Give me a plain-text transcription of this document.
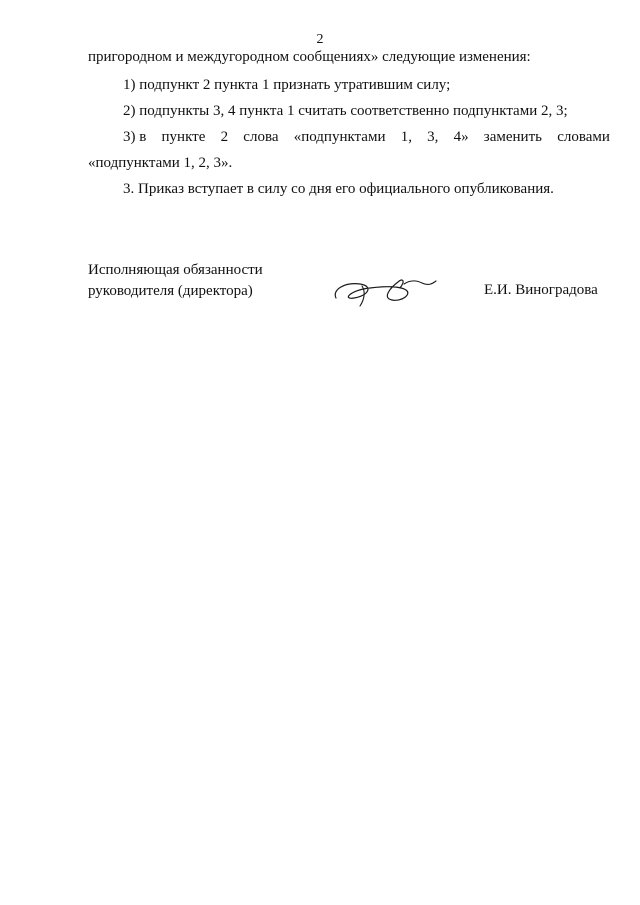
2
пригородном и междугородном сообщениях» следующие изменения:
1) подпункт 2 пункта 1 признать утратившим силу;
2) подпункты 3, 4 пункта 1 считать соответственно подпунктами 2, 3;
3) в пункте 2 слова «подпунктами 1, 3, 4» заменить словами
«подпунктами 1, 2, 3».
3. Приказ вступает в силу со дня его официального опубликования.
Исполняющая обязанности
руководителя (директора)	Е.И. Виноградова
